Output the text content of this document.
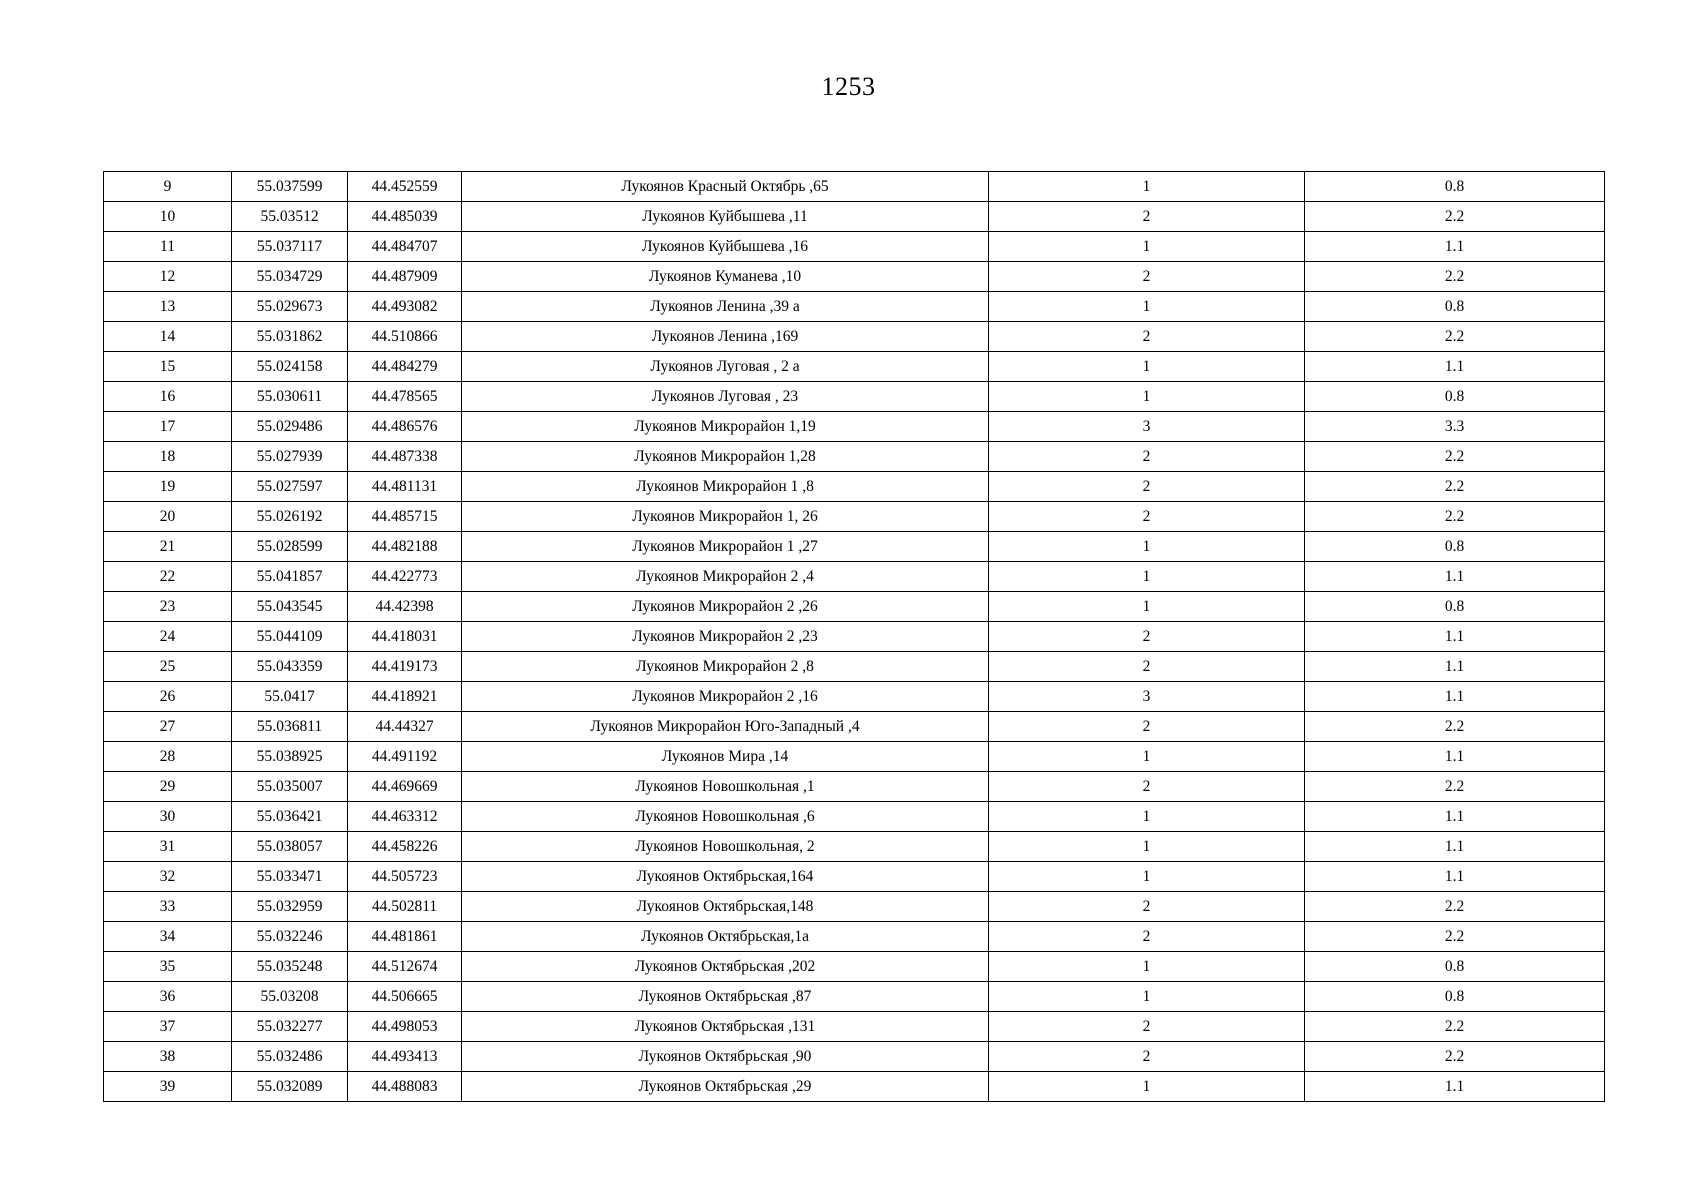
1253
9	55.037599	44.452559	Лукоянов Красный Октябрь ,65	1	0.8
10	55.03512	44.485039	Лукоянов Куйбышева ,11	2	2.2
11	55.037117	44.484707	Лукоянов Куйбышева ,16	1	1.1
12	55.034729	44.487909	Лукоянов Куманева ,10	2	2.2
13	55.029673	44.493082	Лукоянов Ленина ,39 а	1	0.8
14	55.031862	44.510866	Лукоянов Ленина ,169	2	2.2
15	55.024158	44.484279	Лукоянов Луговая , 2 а	1	1.1
16	55.030611	44.478565	Лукоянов Луговая , 23	1	0.8
17	55.029486	44.486576	Лукоянов Микрорайон 1,19	3	3.3
18	55.027939	44.487338	Лукоянов Микрорайон 1,28	2	2.2
19	55.027597	44.481131	Лукоянов Микрорайон 1 ,8	2	2.2
20	55.026192	44.485715	Лукоянов Микрорайон 1, 26	2	2.2
21	55.028599	44.482188	Лукоянов Микрорайон 1 ,27	1	0.8
22	55.041857	44.422773	Лукоянов Микрорайон 2 ,4	1	1.1
23	55.043545	44.42398	Лукоянов Микрорайон 2 ,26	1	0.8
24	55.044109	44.418031	Лукоянов Микрорайон 2 ,23	2	1.1
25	55.043359	44.419173	Лукоянов Микрорайон 2 ,8	2	1.1
26	55.0417	44.418921	Лукоянов Микрорайон 2 ,16	3	1.1
27	55.036811	44.44327	Лукоянов Микрорайон Юго-Западный ,4	2	2.2
28	55.038925	44.491192	Лукоянов Мира ,14	1	1.1
29	55.035007	44.469669	Лукоянов Новошкольная ,1	2	2.2
30	55.036421	44.463312	Лукоянов Новошкольная ,6	1	1.1
31	55.038057	44.458226	Лукоянов Новошкольная, 2	1	1.1
32	55.033471	44.505723	Лукоянов Октябрьская,164	1	1.1
33	55.032959	44.502811	Лукоянов Октябрьская,148	2	2.2
34	55.032246	44.481861	Лукоянов Октябрьская,1а	2	2.2
35	55.035248	44.512674	Лукоянов Октябрьская ,202	1	0.8
36	55.03208	44.506665	Лукоянов Октябрьская ,87	1	0.8
37	55.032277	44.498053	Лукоянов Октябрьская ,131	2	2.2
38	55.032486	44.493413	Лукоянов Октябрьская ,90	2	2.2
39	55.032089	44.488083	Лукоянов Октябрьская ,29	1	1.1
